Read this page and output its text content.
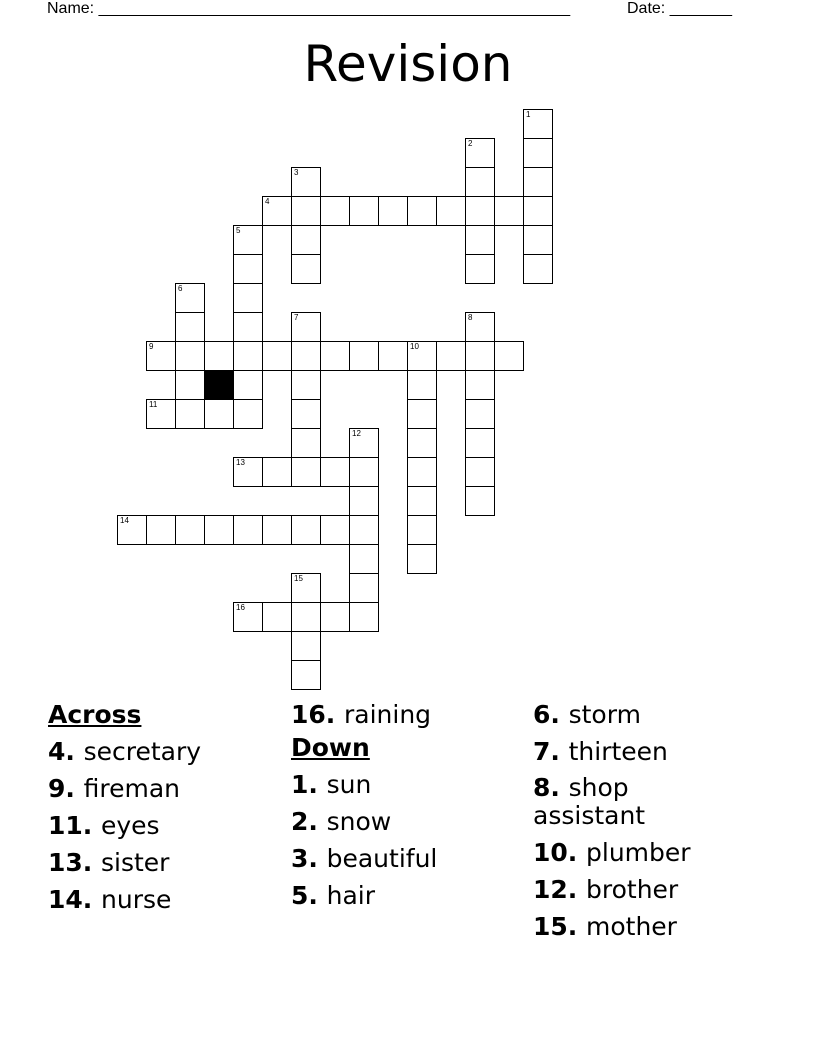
Name: _____________________________________________________	Date: _______
Revision
1
2
3
4
5
6
7	8
9	10
11
12
13
14
15
16
Across
4. secretary
9. fireman
11. eyes
13. sister
14. nurse
16. raining
Down
1. sun
2. snow
3. beautiful
5. hair
6. storm
7. thirteen
8. shop assistant
10. plumber
12. brother
15. mother
